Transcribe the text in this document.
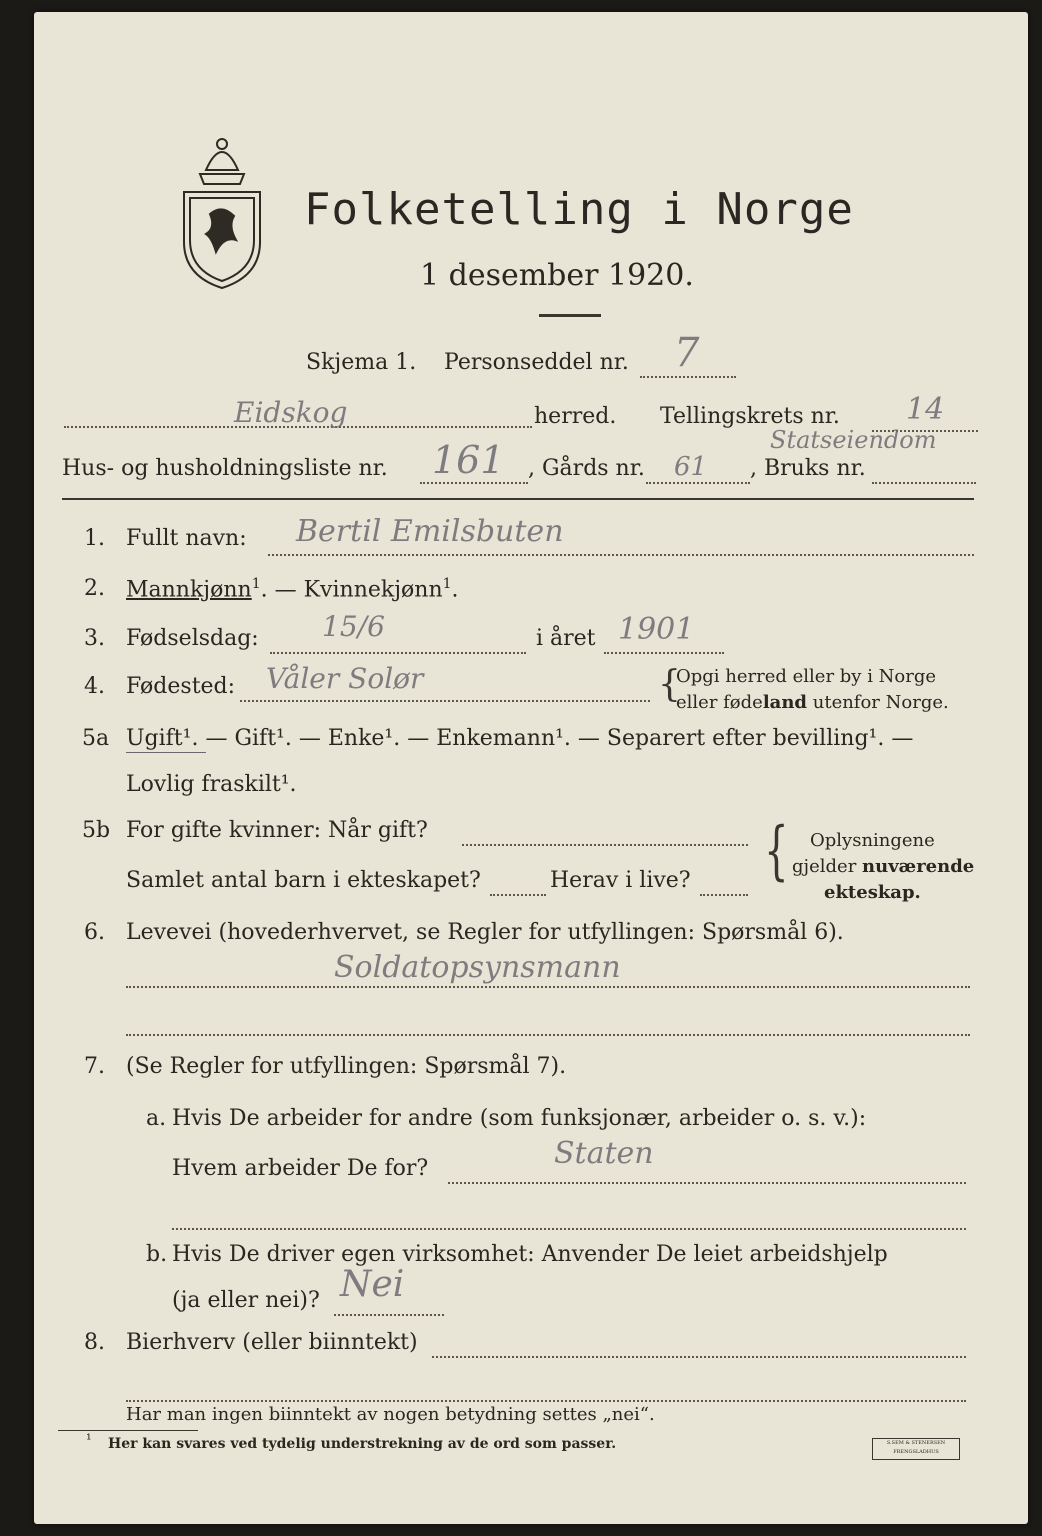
Folketelling i Norge
1 desember 1920.
Skjema 1. Personseddel nr. 7
Eidskog	herred. Tellingskrets nr. 14
Hus- og husholdningsliste nr. 161 , Gårds nr. 61 , Bruks nr.
Statseiendom
1. Fullt navn: Bertil Emilsbuten
2. Mannkjønn$^1$. — Kvinnekjønn$^1$.
3. Fødselsdag: 15/6	i året 1901
4. Fødested: Våler Solør	{
Opgi herred eller by i Norge
eller fødeland utenfor Norge.
5a Ugift¹. — Gift¹. — Enke¹. — Enkemann¹. — Separert efter bevilling¹. —
Lovlig fraskilt¹.
5b For gifte kvinner: Når gift?
Samlet antal barn i ekteskapet?	Herav i live? { Oplysningene
gjelder nuværende
ekteskap.
6. Levevei (hovederhvervet, se Regler for utfyllingen: Spørsmål 6).
Soldatopsynsmann
7. (Se Regler for utfyllingen: Spørsmål 7).
a. Hvis De arbeider for andre (som funksjonær, arbeider o. s. v.):
Hvem arbeider De for?	Staten
b. Hvis De driver egen virksomhet: Anvender De leiet arbeidshjelp
(ja eller nei)? Nei
8. Bierhverv (eller biinntekt)
Har man ingen biinntekt av nogen betydning settes „nei“.
¹ Her kan svares ved tydelig understrekning av de ord som passer.	S.SEM & STENERSEN FRENGSLADHUS
